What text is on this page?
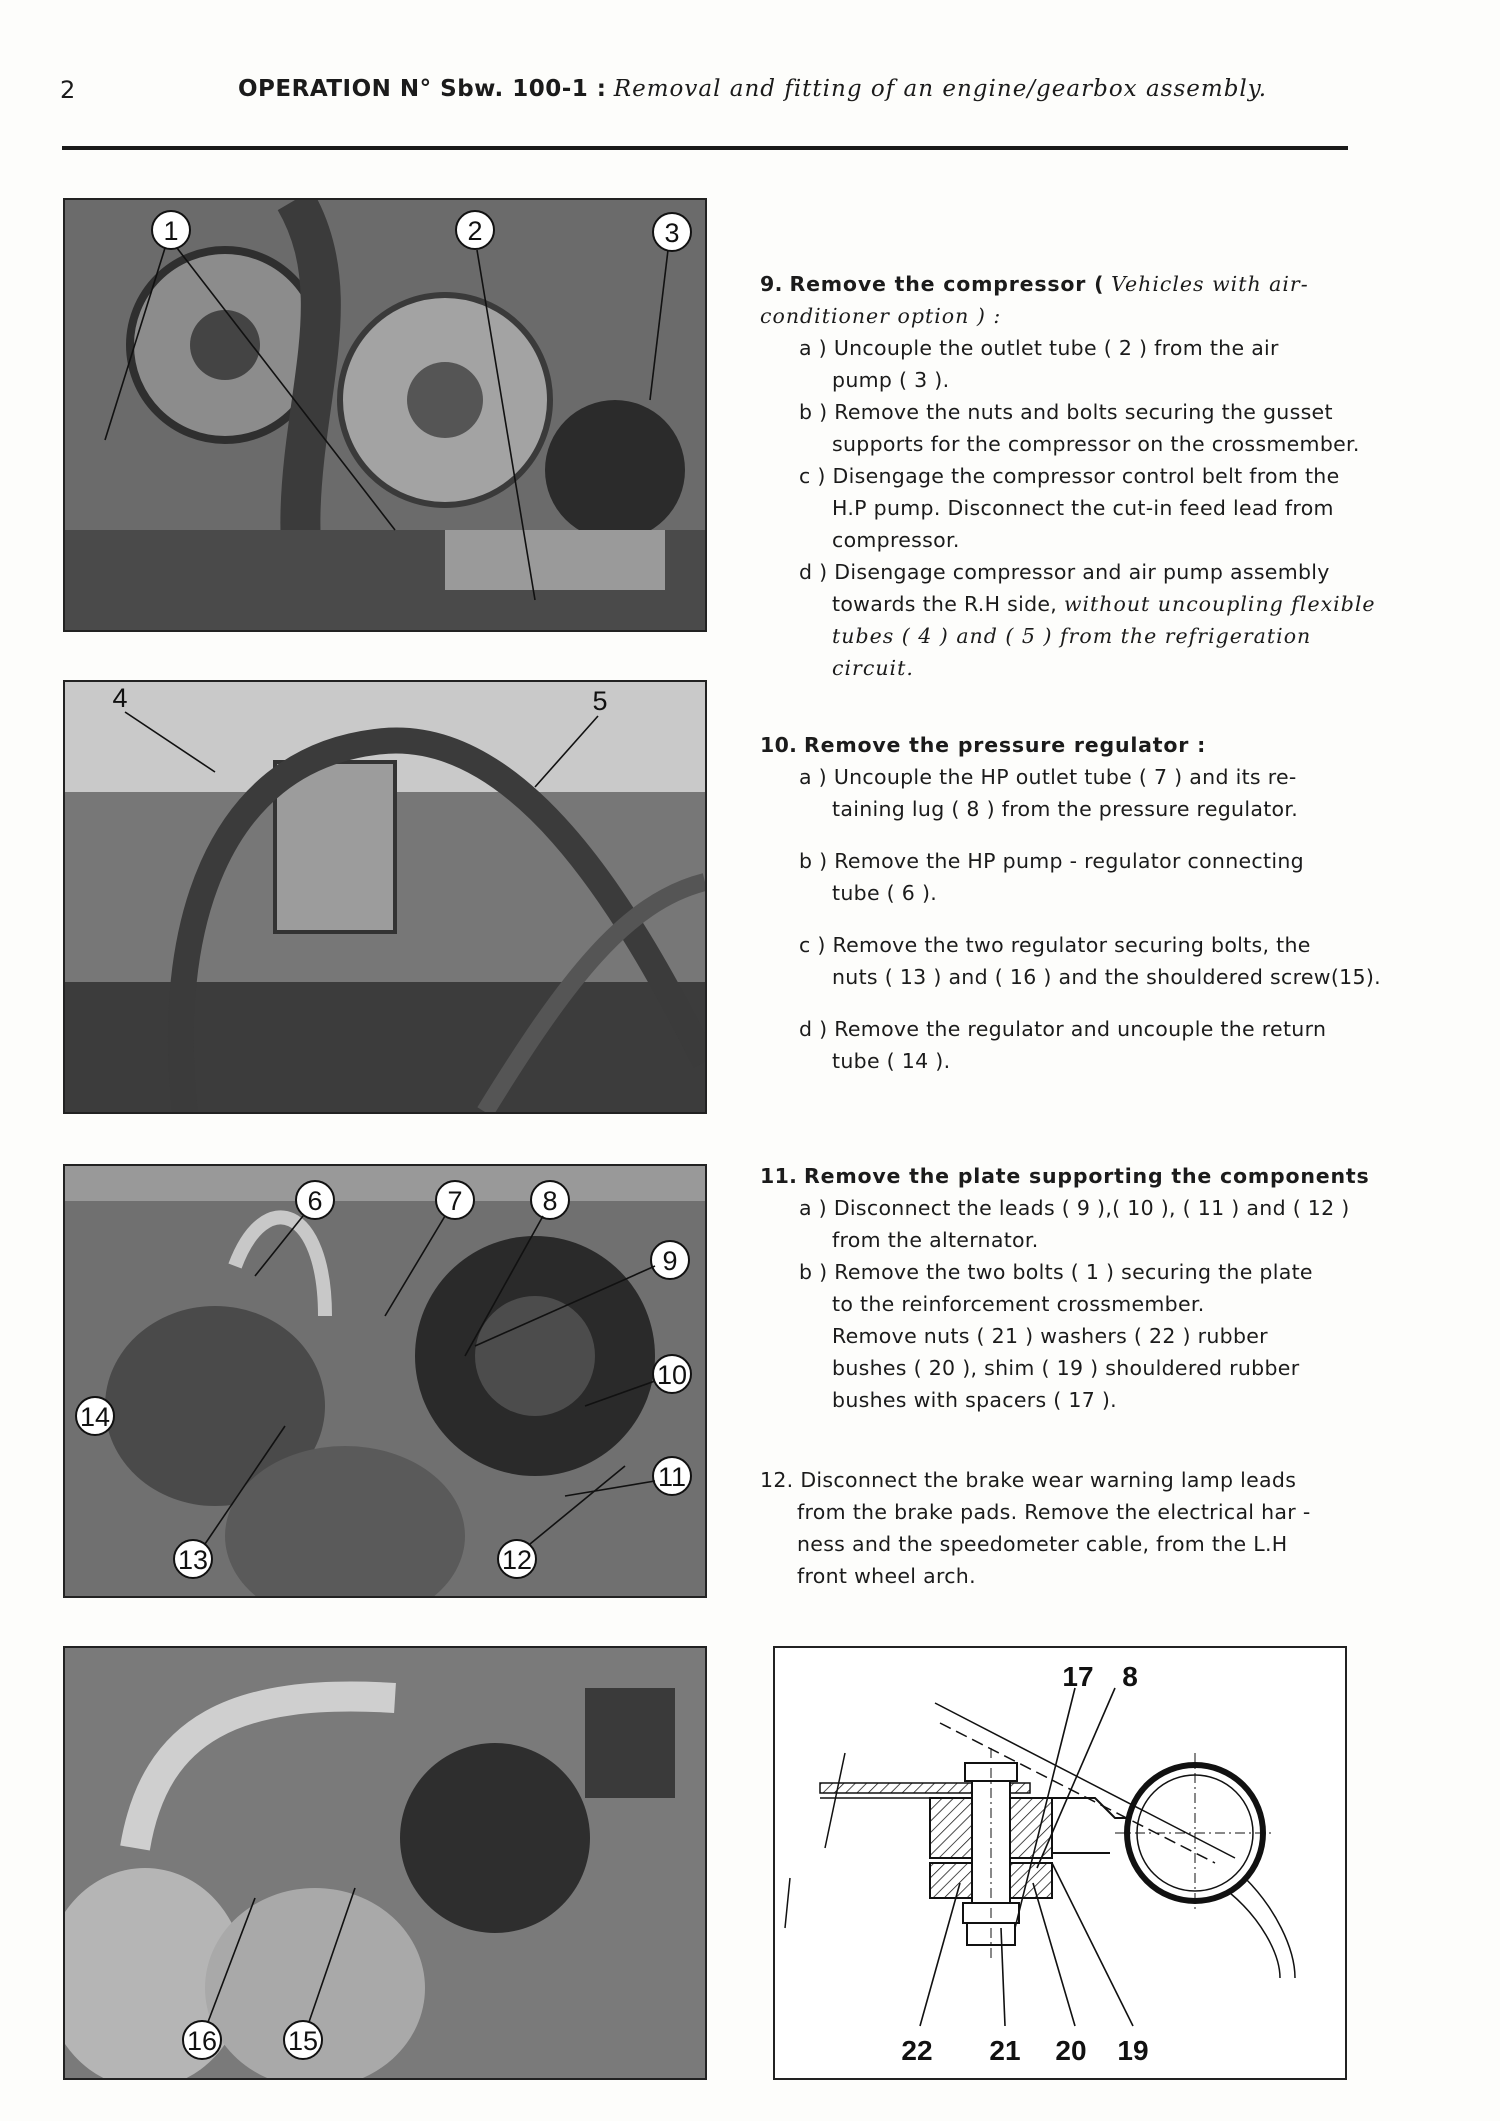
2	OPERATION N° Sbw. 100-1 : Removal and fitting of an engine/gearbox assembly.
1	2	3
4	5
6	7	8
9
10
14
11
13	12
16	15

9. Remove the compressor ( Vehicles with air-conditioner option ) :

a ) Uncouple the outlet tube ( 2 ) from the air

pump ( 3 ).

b ) Remove the nuts and bolts securing the gusset

supports for the compressor on the crossmember.

c ) Disengage the compressor control belt from the

H.P pump. Disconnect the cut-in feed lead from

compressor.

d ) Disengage compressor and air pump assembly

towards the R.H side, without uncoupling flexible

tubes ( 4 ) and ( 5 ) from the refrigeration circuit.

10. Remove the pressure regulator :

a ) Uncouple the HP outlet tube ( 7 ) and its re-

taining lug ( 8 ) from the pressure regulator.

b ) Remove the HP pump - regulator connecting

tube ( 6 ).

c ) Remove the two regulator securing bolts, the

nuts ( 13 ) and ( 16 ) and the shouldered screw(15).

d ) Remove the regulator and uncouple the return

tube ( 14 ).

11. Remove the plate supporting the components

a ) Disconnect the leads ( 9 ),( 10 ), ( 11 ) and ( 12 )

from the alternator.

b ) Remove the two bolts ( 1 ) securing the plate

to the reinforcement crossmember.

Remove nuts ( 21 ) washers ( 22 ) rubber

bushes ( 20 ), shim ( 19 ) shouldered rubber

bushes with spacers ( 17 ).

12. Disconnect the brake wear warning lamp leads

from the brake pads. Remove the electrical har -

ness and the speedometer cable, from the L.H

front wheel arch.

17 8
22 21 20 19
